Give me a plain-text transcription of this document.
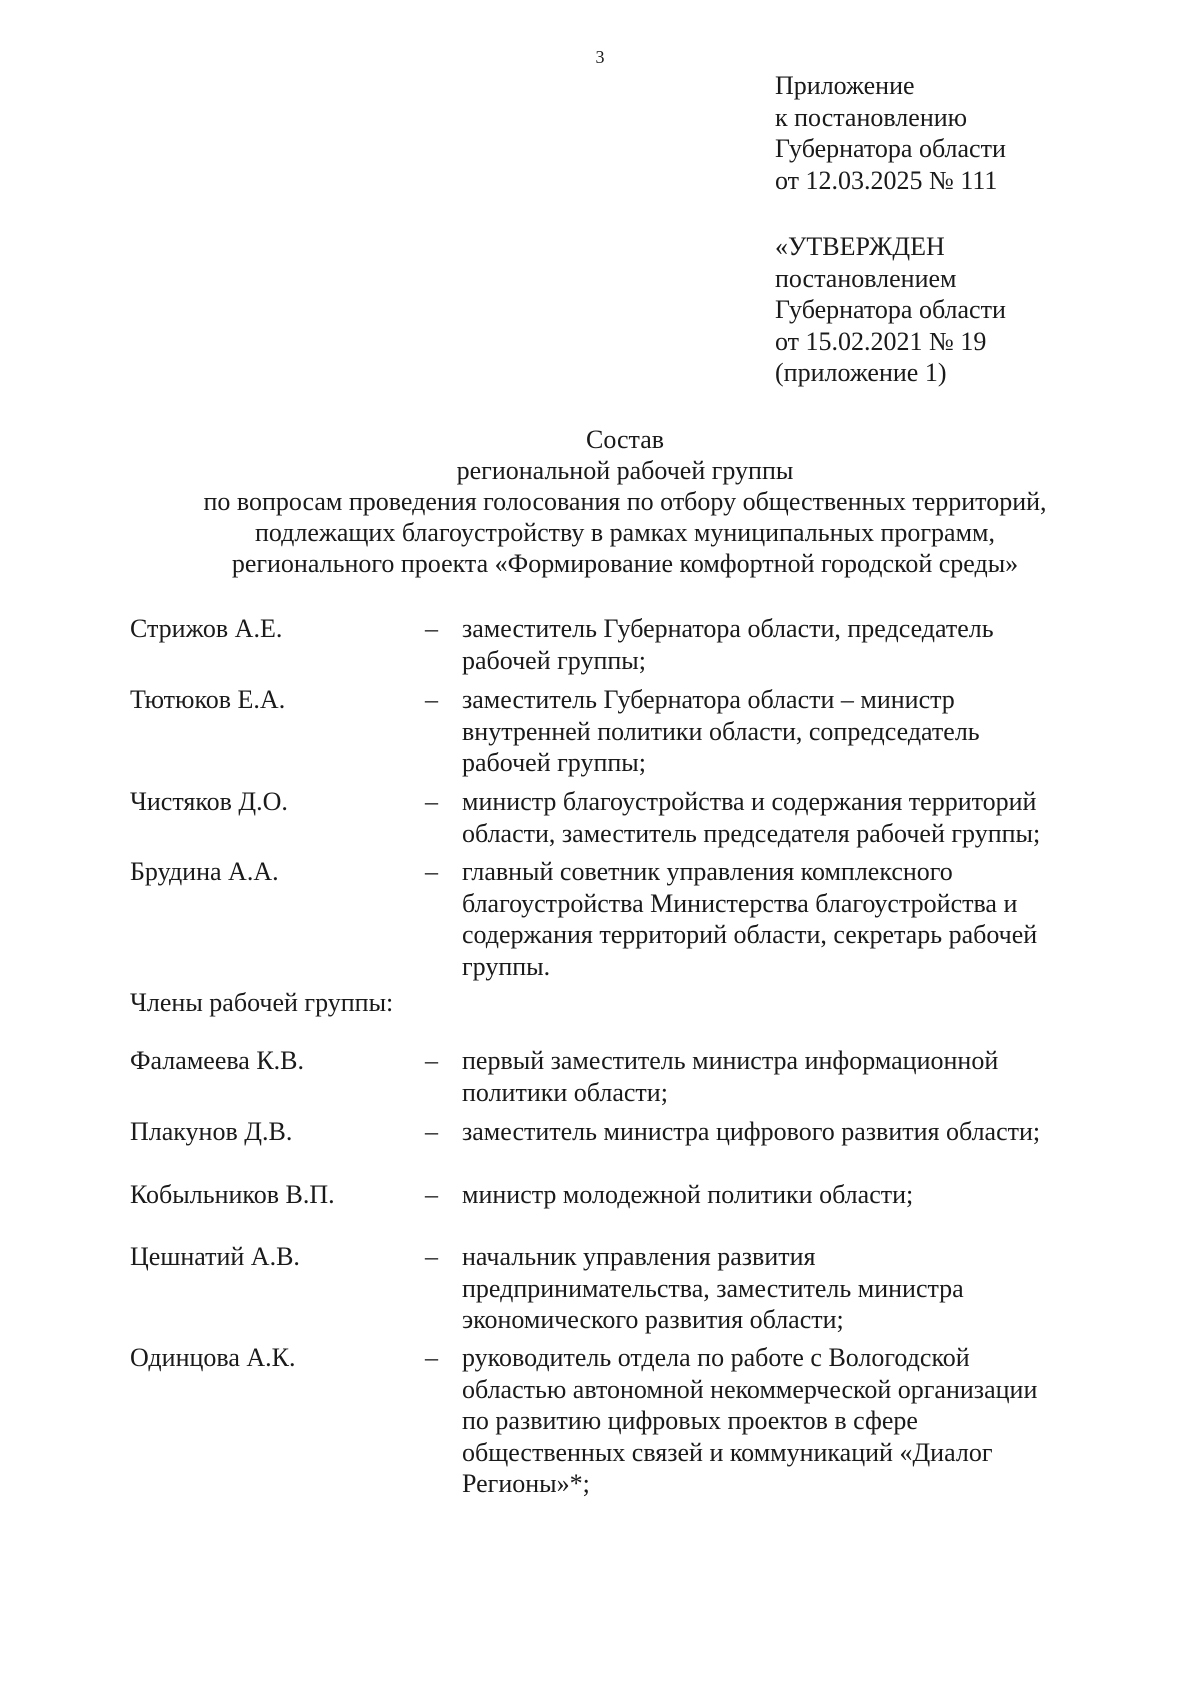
3
Приложение
к постановлению
Губернатора области
от 12.03.2025 № 111
«УТВЕРЖДЕН
постановлением
Губернатора области
от 15.02.2021 № 19
(приложение 1)
Состав
региональной рабочей группы
по вопросам проведения голосования по отбору общественных территорий,
подлежащих благоустройству в рамках муниципальных программ,
регионального проекта «Формирование комфортной городской среды»
Стрижов А.Е.	– заместитель Губернатора области, председатель
рабочей группы;
Тютюков Е.А.	– заместитель Губернатора области – министр
внутренней политики области, сопредседатель
рабочей группы;
Чистяков Д.О.	– министр благоустройства и содержания территорий
области, заместитель председателя рабочей группы;
Брудина А.А.	– главный советник управления комплексного
благоустройства Министерства благоустройства и
содержания территорий области, секретарь рабочей
группы.
Члены рабочей группы:
Фаламеева К.В.	– первый заместитель министра информационной
политики области;
Плакунов Д.В.	– заместитель министра цифрового развития области;
Кобыльников В.П.	– министр молодежной политики области;
Цешнатий А.В.	– начальник управления развития
предпринимательства, заместитель министра
экономического развития области;
Одинцова А.К.	– руководитель отдела по работе с Вологодской
областью автономной некоммерческой организации
по развитию цифровых проектов в сфере
общественных связей и коммуникаций «Диалог
Регионы»*;
